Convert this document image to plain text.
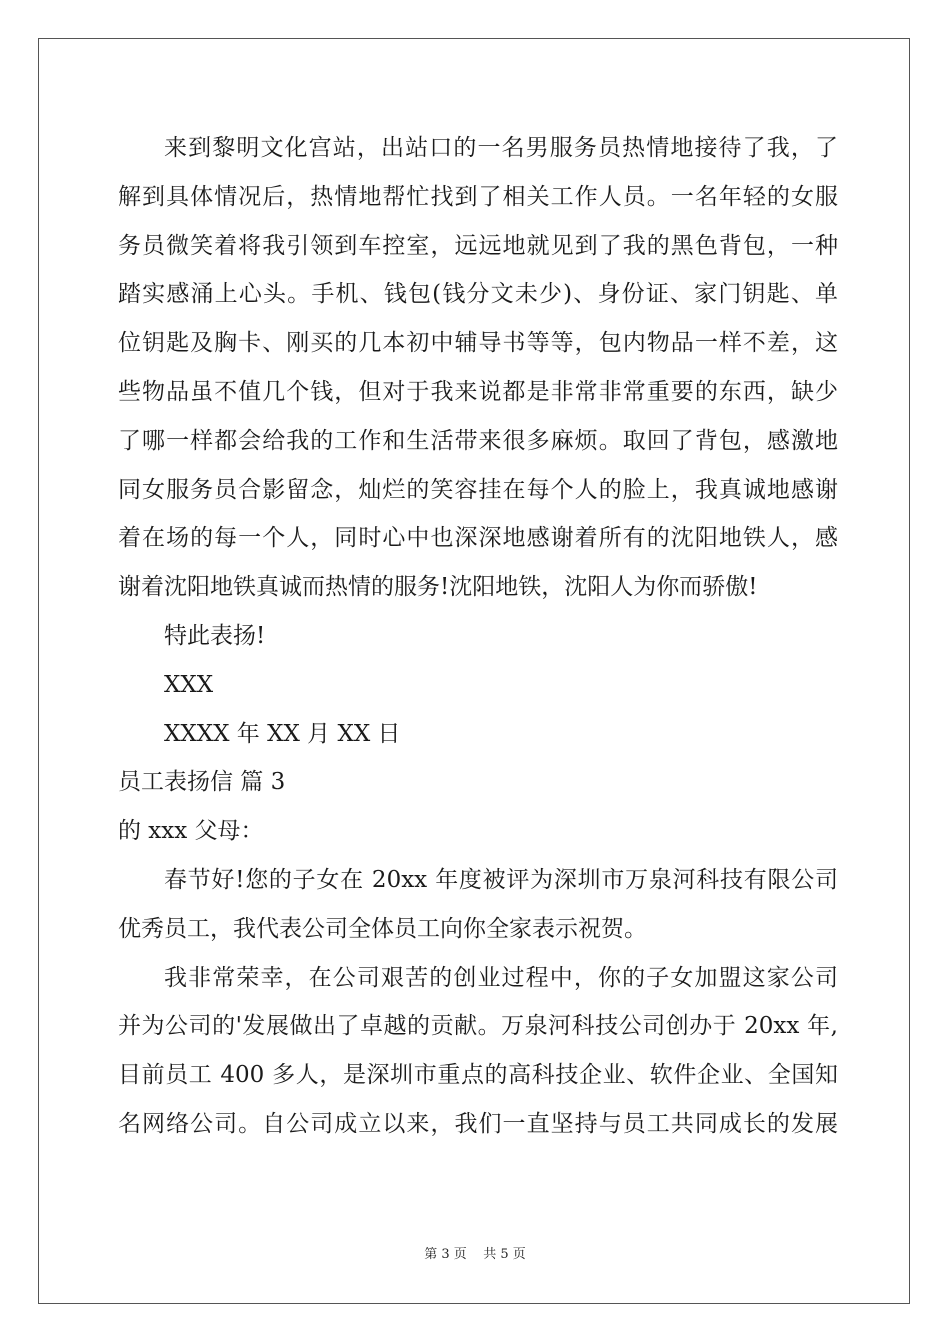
来到黎明文化宫站，出站口的一名男服务员热情地接待了我，了
解到具体情况后，热情地帮忙找到了相关工作人员。一名年轻的女服
务员微笑着将我引领到车控室，远远地就见到了我的黑色背包，一种
踏实感涌上心头。手机、钱包(钱分文未少)、身份证、家门钥匙、单
位钥匙及胸卡、刚买的几本初中辅导书等等，包内物品一样不差，这
些物品虽不值几个钱，但对于我来说都是非常非常重要的东西，缺少
了哪一样都会给我的工作和生活带来很多麻烦。取回了背包，感激地
同女服务员合影留念，灿烂的笑容挂在每个人的脸上，我真诚地感谢
着在场的每一个人，同时心中也深深地感谢着所有的沈阳地铁人，感
谢着沈阳地铁真诚而热情的服务!沈阳地铁，沈阳人为你而骄傲!
特此表扬!
XXX
XXXX 年 XX 月 XX 日
员工表扬信 篇 3
的 xxx 父母：
春节好!您的子女在 20xx 年度被评为深圳市万泉河科技有限公司
优秀员工，我代表公司全体员工向你全家表示祝贺。
我非常荣幸，在公司艰苦的创业过程中，你的子女加盟这家公司
并为公司的'发展做出了卓越的贡献。万泉河科技公司创办于 20xx 年,
目前员工 400 多人，是深圳市重点的高科技企业、软件企业、全国知
名网络公司。自公司成立以来，我们一直坚持与员工共同成长的发展
第 3 页    共 5 页
